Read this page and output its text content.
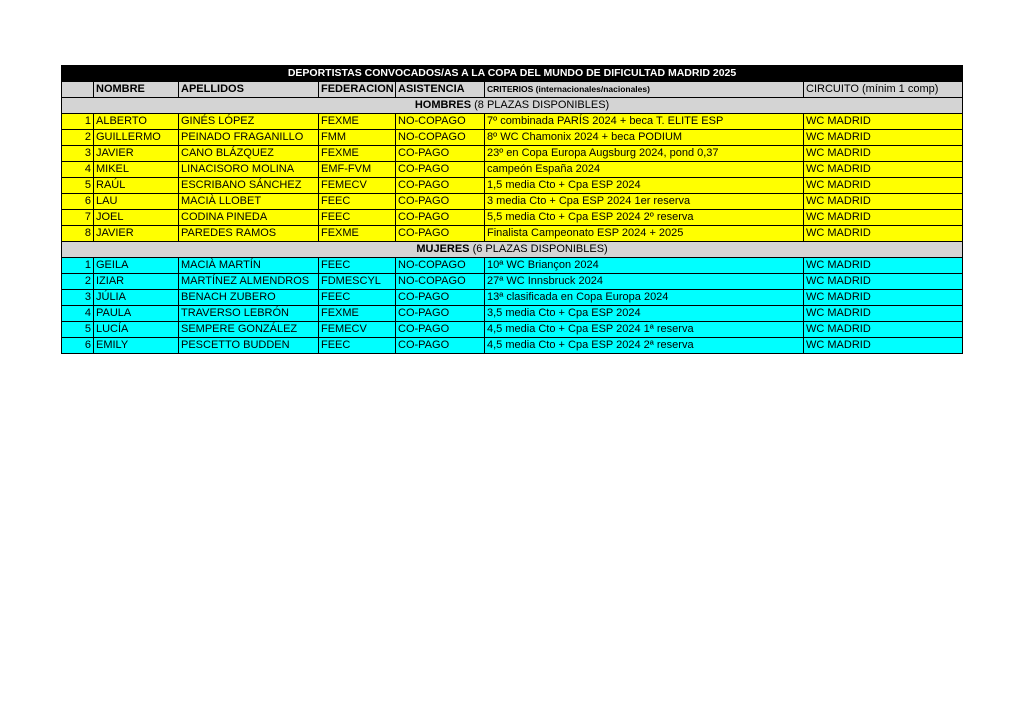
DEPORTISTAS CONVOCADOS/AS A LA COPA DEL MUNDO DE DIFICULTAD MADRID 2025						
	NOMBRE	APELLIDOS	FEDERACION	ASISTENCIA	CRITERIOS (internacionales/nacionales)	CIRCUITO (mínim 1 comp)
HOMBRES (8 PLAZAS DISPONIBLES)						
1	ALBERTO	GINÉS LÓPEZ	FEXME	NO-COPAGO	7º combinada PARÍS 2024 + beca T. ELITE ESP	WC MADRID
2	GUILLERMO	PEINADO FRAGANILLO	FMM	NO-COPAGO	8º WC Chamonix 2024 + beca PODIUM	WC MADRID
3	JAVIER	CANO BLÁZQUEZ	FEXME	CO-PAGO	23º en Copa Europa Augsburg 2024, pond 0,37	WC MADRID
4	MIKEL	LINACISORO MOLINA	EMF-FVM	CO-PAGO	campeón España 2024	WC MADRID
5	RAÚL	ESCRIBANO SÁNCHEZ	FEMECV	CO-PAGO	1,5 media Cto + Cpa ESP 2024	WC MADRID
6	LAU	MACIÀ LLOBET	FEEC	CO-PAGO	3 media Cto + Cpa ESP 2024 1er reserva	WC MADRID
7	JOEL	CODINA PINEDA	FEEC	CO-PAGO	5,5 media Cto + Cpa ESP 2024 2º reserva	WC MADRID
8	JAVIER	PAREDES RAMOS	FEXME	CO-PAGO	Finalista Campeonato ESP 2024 + 2025	WC MADRID
MUJERES (6 PLAZAS DISPONIBLES)						
1	GEILA	MACIÀ MARTÍN	FEEC	NO-COPAGO	10ª WC Briançon 2024	WC MADRID
2	IZIAR	MARTÍNEZ ALMENDROS	FDMESCYL	NO-COPAGO	27ª WC Innsbruck 2024	WC MADRID
3	JÚLIA	BENACH ZUBERO	FEEC	CO-PAGO	13ª clasificada en Copa Europa 2024	WC MADRID
4	PAULA	TRAVERSO LEBRÓN	FEXME	CO-PAGO	3,5 media Cto + Cpa ESP 2024	WC MADRID
5	LUCÍA	SEMPERE GONZÁLEZ	FEMECV	CO-PAGO	4,5 media Cto + Cpa ESP 2024 1ª reserva	WC MADRID
6	EMILY	PESCETTO BUDDEN	FEEC	CO-PAGO	4,5 media Cto + Cpa ESP 2024 2ª reserva	WC MADRID
